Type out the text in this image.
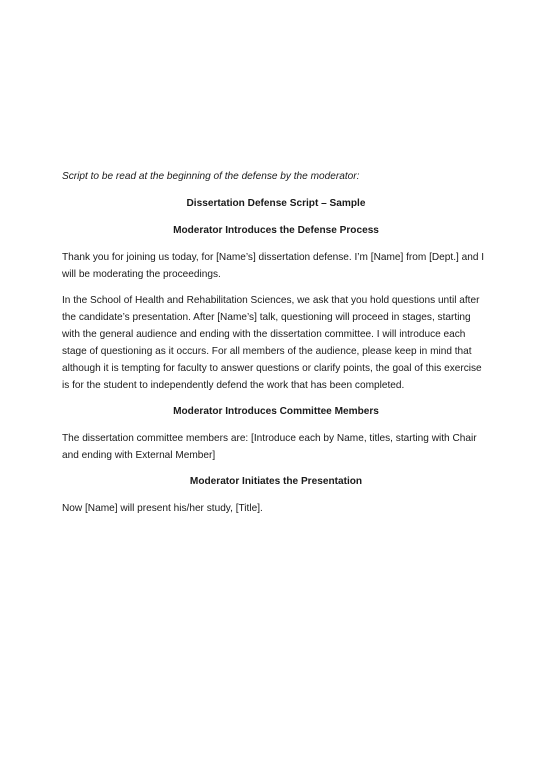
Script to be read at the beginning of the defense by the moderator:

Dissertation Defense Script – Sample

Moderator Introduces the Defense Process

Thank you for joining us today, for [Name’s] dissertation defense. I’m [Name] from [Dept.] and I will be moderating the proceedings.

In the School of Health and Rehabilitation Sciences, we ask that you hold questions until after the candidate’s presentation. After [Name’s] talk, questioning will proceed in stages, starting with the general audience and ending with the dissertation committee. I will introduce each stage of questioning as it occurs. For all members of the audience, please keep in mind that although it is tempting for faculty to answer questions or clarify points, the goal of this exercise is for the student to independently defend the work that has been completed.

Moderator Introduces Committee Members

The dissertation committee members are: [Introduce each by Name, titles, starting with Chair and ending with External Member]

Moderator Initiates the Presentation

Now [Name] will present his/her study, [Title].
